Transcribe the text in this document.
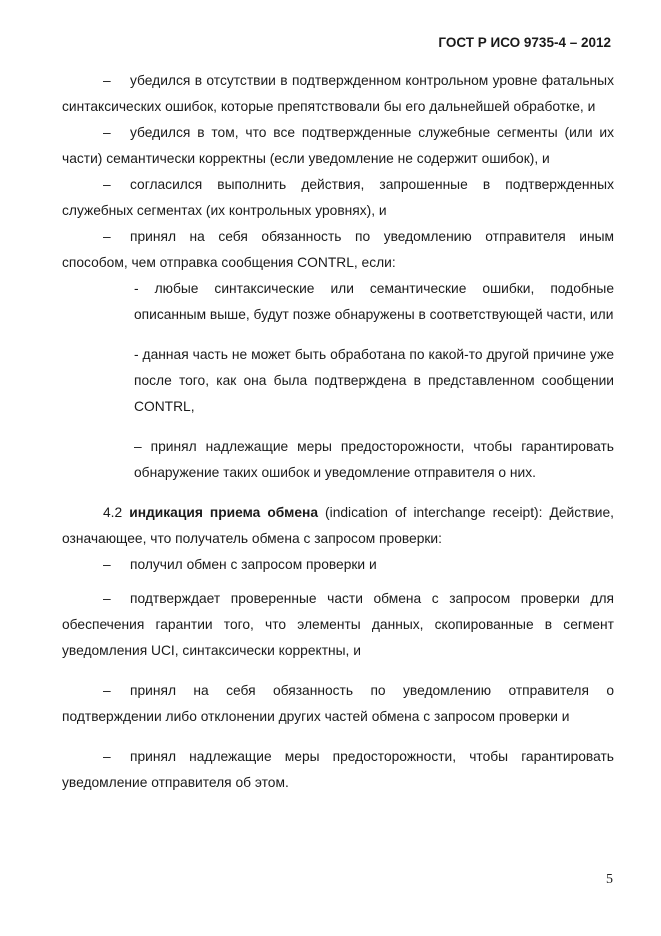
ГОСТ Р ИСО 9735-4 – 2012

– убедился в отсутствии в подтвержденном контрольном уровне фатальных синтаксических ошибок, которые препятствовали бы его дальнейшей обработке, и

– убедился в том, что все подтвержденные служебные сегменты (или их части) семантически корректны (если уведомление не содержит ошибок), и

– согласился выполнить действия, запрошенные в подтвержденных служебных сегментах (их контрольных уровнях), и

– принял на себя обязанность по уведомлению отправителя иным способом, чем отправка сообщения CONTRL, если:

- любые синтаксические или семантические ошибки, подобные описанным выше, будут позже обнаружены в соответствующей части, или

- данная часть не может быть обработана по какой-то другой причине уже после того, как она была подтверждена в представленном сообщении CONTRL,

– принял надлежащие меры предосторожности, чтобы гарантировать обнаружение таких ошибок и уведомление отправителя о них.

4.2 индикация приема обмена (indication of interchange receipt): Действие, означающее, что получатель обмена с запросом проверки:

– получил обмен с запросом проверки и

– подтверждает проверенные части обмена с запросом проверки для обеспечения гарантии того, что элементы данных, скопированные в сегмент уведомления UCI, синтаксически корректны, и

– принял на себя обязанность по уведомлению отправителя о подтверждении либо отклонении других частей обмена с запросом проверки и

– принял надлежащие меры предосторожности, чтобы гарантировать уведомление отправителя об этом.

5
